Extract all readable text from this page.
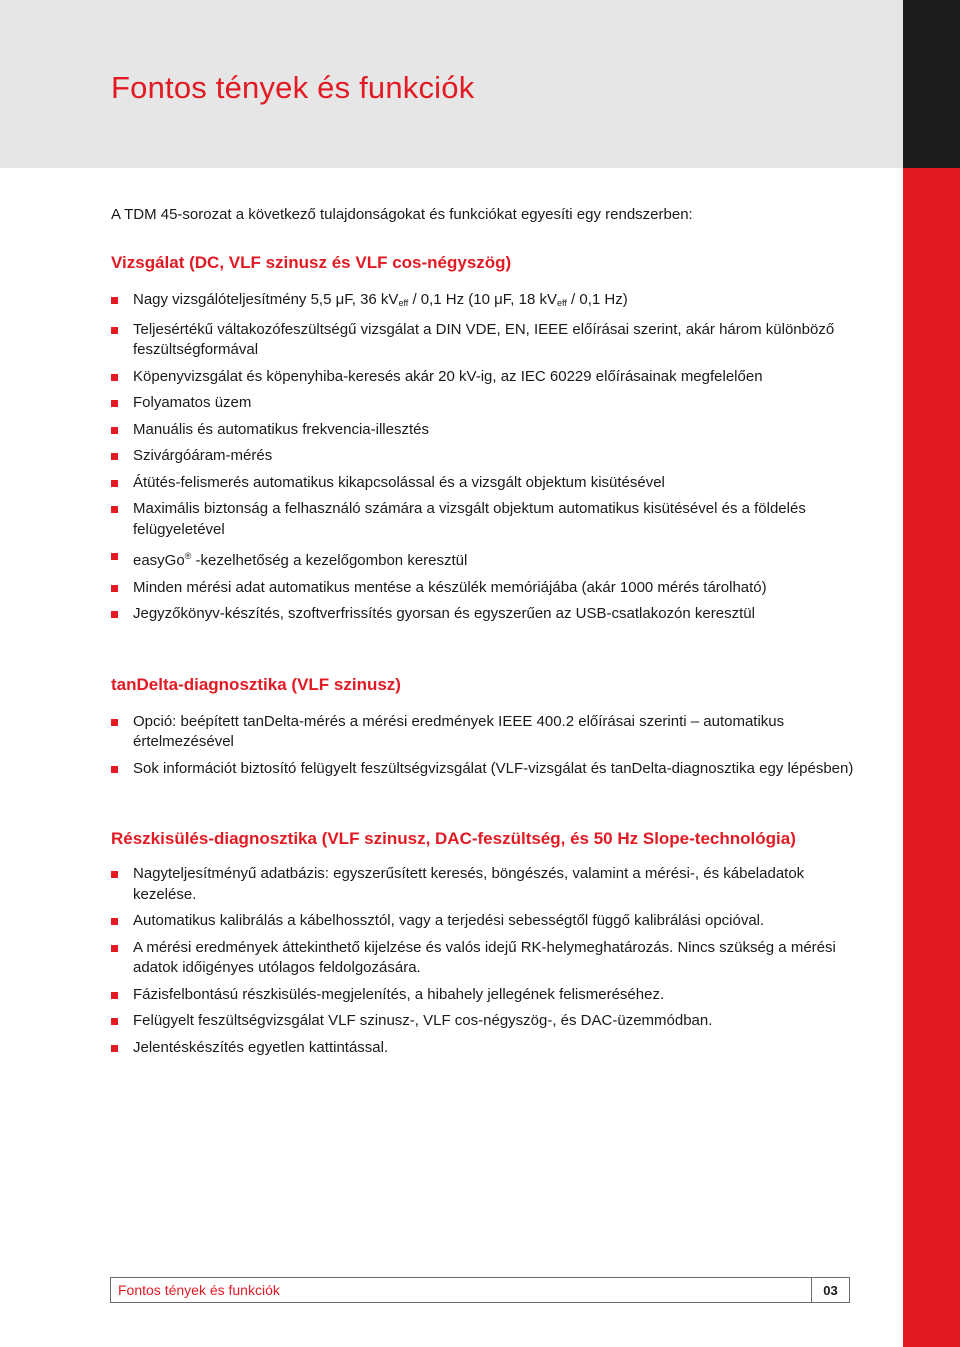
Fontos tények és funkciók

A TDM 45-sorozat a következő tulajdonságokat és funkciókat egyesíti egy rendszerben:

Vizsgálat (DC, VLF szinusz és VLF cos-négyszög)
Nagy vizsgálóteljesítmény 5,5 μF, 36 $kV_{eff} / 0,1$ Hz (10 μF, 18 $kV_{eff} / 0,1$ Hz)
Teljesértékű váltakozófeszültségű vizsgálat a DIN VDE, EN, IEEE előírásai szerint, akár három különböző feszültségformával
Köpenyvizsgálat és köpenyhiba-keresés akár 20 kV-ig, az IEC 60229 előírásainak megfelelően
Folyamatos üzem
Manuális és automatikus frekvencia-illesztés
Szivárgóáram-mérés
Átütés-felismerés automatikus kikapcsolással és a vizsgált objektum kisütésével
Maximális biztonság a felhasználó számára a vizsgált objektum automatikus kisütésével és a földelés felügyeletével
easyGo® -kezelhetőség a kezelőgombon keresztül
Minden mérési adat automatikus mentése a készülék memóriájába (akár 1000 mérés tárolható)
Jegyzőkönyv-készítés, szoftverfrissítés gyorsan és egyszerűen az USB-csatlakozón keresztül
tanDelta-diagnosztika (VLF szinusz)
Opció: beépített tanDelta-mérés a mérési eredmények IEEE 400.2 előírásai szerinti – automatikus értelmezésével
Sok információt biztosító felügyelt feszültségvizsgálat (VLF-vizsgálat és tanDelta-diagnosztika egy lépésben)
Részkisülés-diagnosztika (VLF szinusz, DAC-feszültség, és 50 Hz Slope-technológia)
Nagyteljesítményű adatbázis: egyszerűsített keresés, böngészés, valamint a mérési-, és kábeladatok kezelése.
Automatikus kalibrálás a kábelhossztól, vagy a terjedési sebességtől függő kalibrálási opcióval.
A mérési eredmények áttekinthető kijelzése és valós idejű RK-helymeghatározás. Nincs szükség a mérési adatok időigényes utólagos feldolgozására.
Fázisfelbontású részkisülés-megjelenítés, a hibahely jellegének felismeréséhez.
Felügyelt feszültségvizsgálat VLF szinusz-, VLF cos-négyszög-, és DAC-üzemmódban.
Jelentéskészítés egyetlen kattintással.
Fontos tények és funkciók	03
